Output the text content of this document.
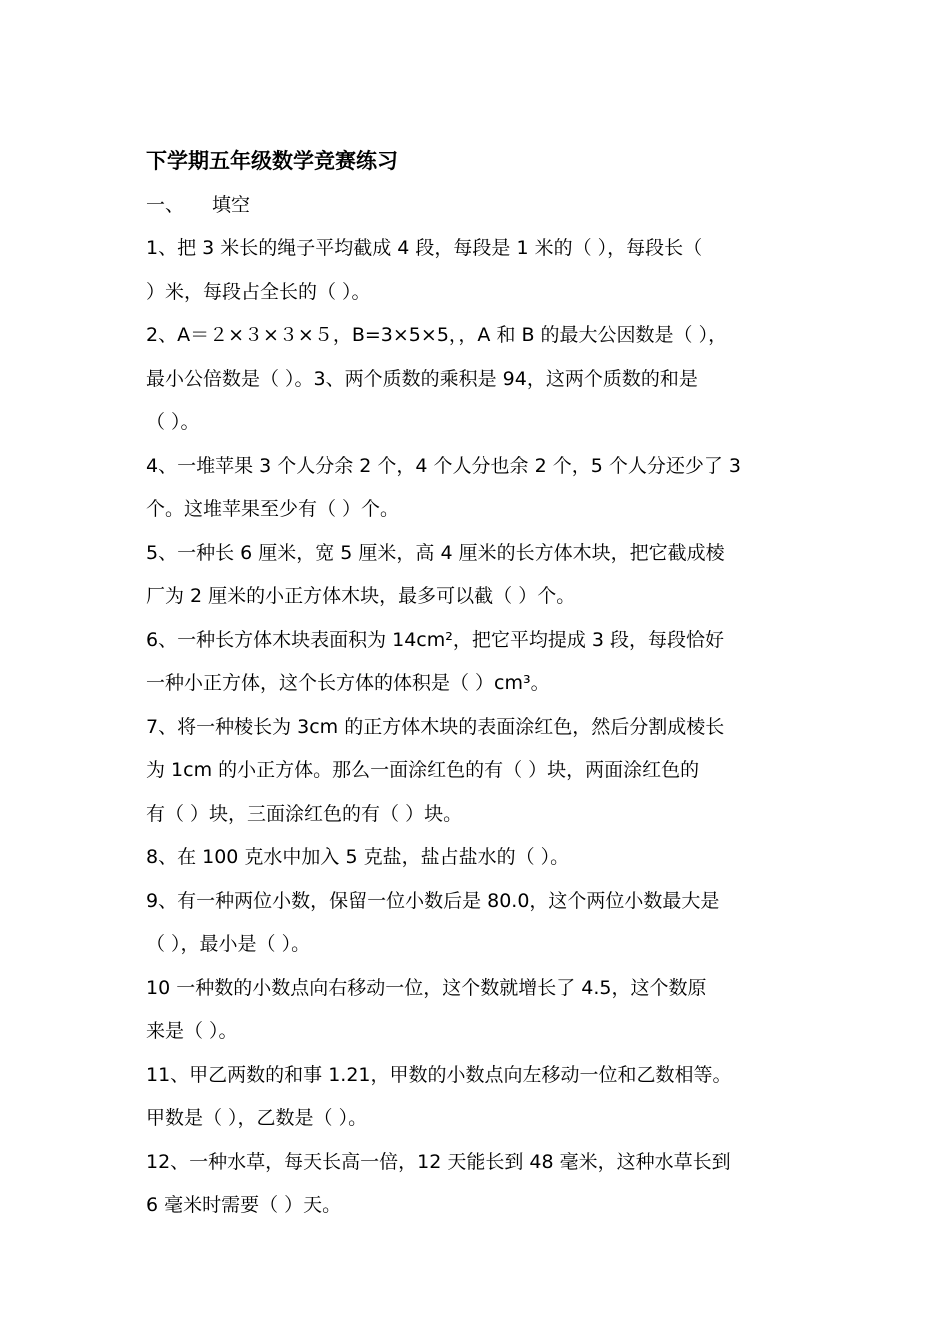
下学期五年级数学竞赛练习
一、 填空
1、把 3 米长的绳子平均截成 4 段，每段是 1 米的（ ），每段长（
）米，每段占全长的（ ）。
2、A＝２×３×３×５，B=3×5×5，，A 和 B 的最大公因数是（ ），
最小公倍数是（ ）。3、两个质数的乘积是 94，这两个质数的和是
（ ）。
4、一堆苹果 3 个人分余 2 个，4 个人分也余 2 个，5 个人分还少了 3
个。这堆苹果至少有（ ）个。
5、一种长 6 厘米，宽 5 厘米，高 4 厘米的长方体木块，把它截成棱
厂为 2 厘米的小正方体木块，最多可以截（ ）个。
6、一种长方体木块表面积为 14cm²，把它平均提成 3 段，每段恰好
一种小正方体，这个长方体的体积是（ ）cm³。
7、将一种棱长为 3cm 的正方体木块的表面涂红色，然后分割成棱长
为 1cm 的小正方体。那么一面涂红色的有（ ）块，两面涂红色的
有（ ）块，三面涂红色的有（ ）块。
8、在 100 克水中加入 5 克盐，盐占盐水的（ ）。
9、有一种两位小数，保留一位小数后是 80.0，这个两位小数最大是
（ ），最小是（ ）。
10 一种数的小数点向右移动一位，这个数就增长了 4.5，这个数原
来是（ ）。
11、甲乙两数的和事 1.21，甲数的小数点向左移动一位和乙数相等。
甲数是（ ），乙数是（ ）。
12、一种水草，每天长高一倍，12 天能长到 48 毫米，这种水草长到
6 毫米时需要（ ）天。
